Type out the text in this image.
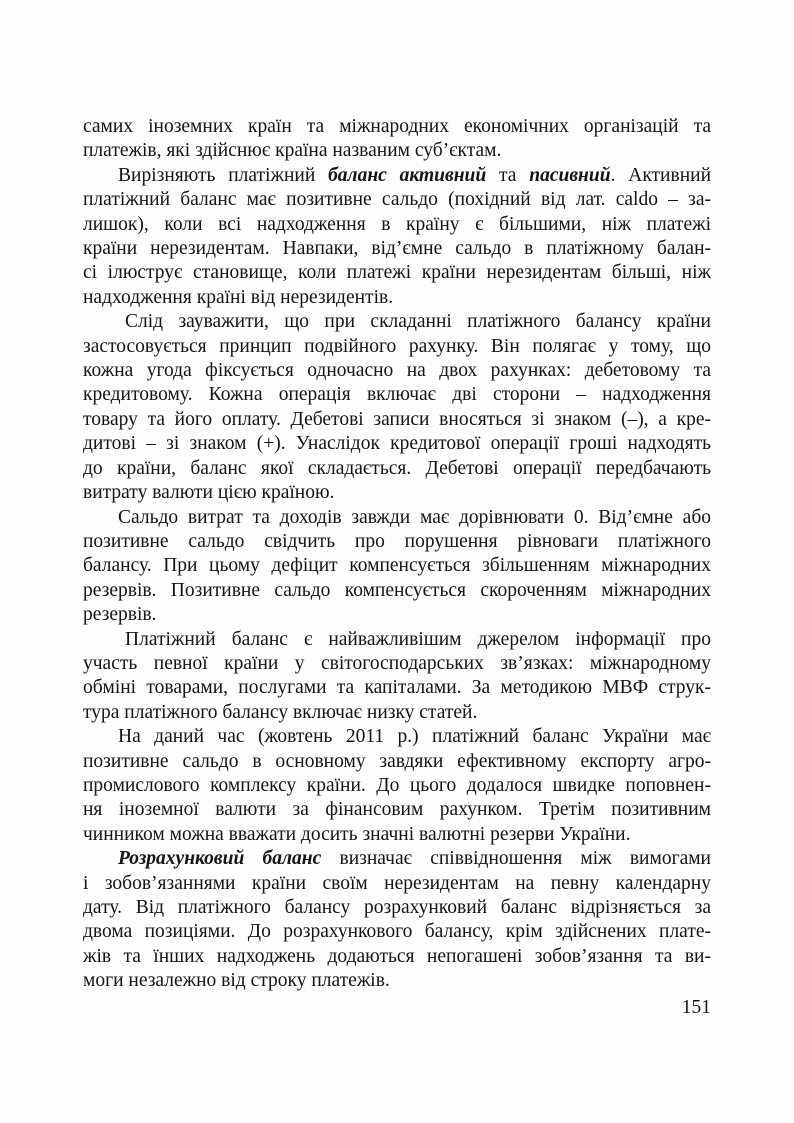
самих іноземних країн та міжнародних економічних організацій та
платежів, які здійснює країна названим суб’єктам.
Вирізняють платіжний баланс активний та пасивний. Активний
платіжний баланс має позитивне сальдо (похідний від лат. caldo – за-
лишок), коли всі надходження в країну є більшими, ніж платежі
країни нерезидентам. Навпаки, від’ємне сальдо в платіжному балан-
сі ілюструє становище, коли платежі країни нерезидентам більші, ніж
надходження країні від нерезидентів.
Слід зауважити, що при складанні платіжного балансу країни
застосовується принцип подвійного рахунку. Він полягає у тому, що
кожна угода фіксується одночасно на двох рахунках: дебетовому та
кредитовому. Кожна операція включає дві сторони – надходження
товару та його оплату. Дебетові записи вносяться зі знаком (–), а кре-
дитові – зі знаком (+). Унаслідок кредитової операції гроші надходять
до країни, баланс якої складається. Дебетові операції передбачають
витрату валюти цією країною.
Сальдо витрат та доходів завжди має дорівнювати 0. Від’ємне або
позитивне сальдо свідчить про порушення рівноваги платіжного
балансу. При цьому дефіцит компенсується збільшенням міжнародних
резервів. Позитивне сальдо компенсується скороченням міжнародних
резервів.
Платіжний баланс є найважливішим джерелом інформації про
участь певної країни у світогосподарських зв’язках: міжнародному
обміні товарами, послугами та капіталами. За методикою МВФ струк-
тура платіжного балансу включає низку статей.
На даний час (жовтень 2011 р.) платіжний баланс України має
позитивне сальдо в основному завдяки ефективному експорту агро-
промислового комплексу країни. До цього додалося швидке поповнен-
ня іноземної валюти за фінансовим рахунком. Третім позитивним
чинником можна вважати досить значні валютні резерви України.
Розрахунковий баланс визначає співвідношення між вимогами
і зобов’язаннями країни своїм нерезидентам на певну календарну
дату. Від платіжного балансу розрахунковий баланс відрізняється за
двома позиціями. До розрахункового балансу, крім здійснених плате-
жів та їнших надходжень додаються непогашені зобов’язання та ви-
моги незалежно від строку платежів.
151
